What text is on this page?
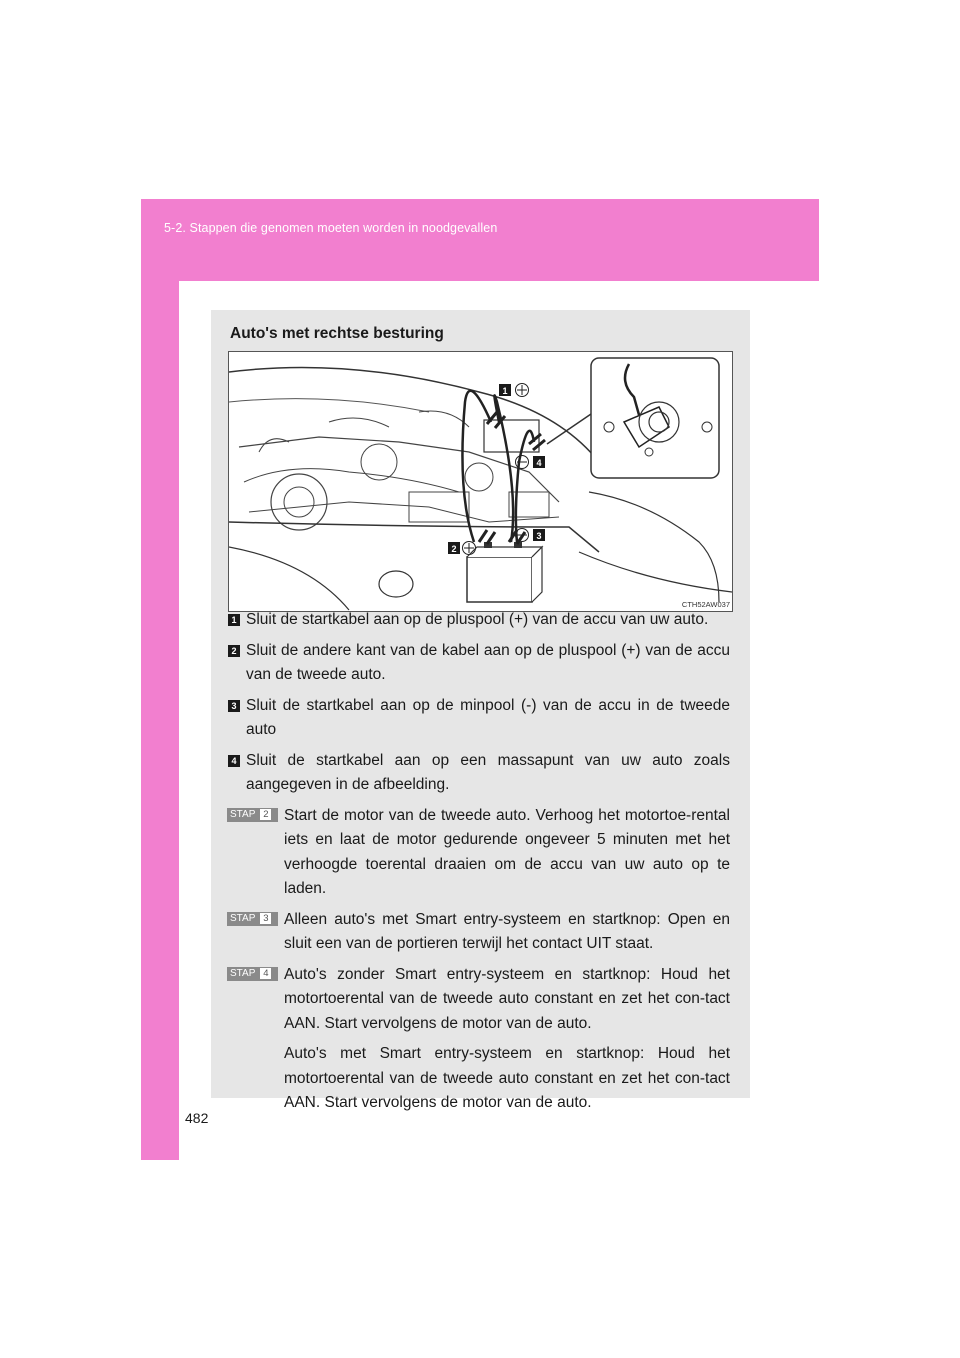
5-2. Stappen die genomen moeten worden in noodgevallen
482
Auto's met rechtse besturing
1
4
3
2
CTH52AW037
1 Sluit de startkabel aan op de pluspool (+) van de accu van uw auto.
2 Sluit de andere kant van de kabel aan op de pluspool (+) van de accu van de tweede auto.
3 Sluit de startkabel aan op de minpool (-) van de accu in de tweede auto
4 Sluit de startkabel aan op een massapunt van uw auto zoals aangegeven in de afbeelding.
STAP 2 Start de motor van de tweede auto. Verhoog het motortoe-rental iets en laat de motor gedurende ongeveer 5 minuten met het verhoogde toerental draaien om de accu van uw auto op te laden.
STAP 3 Alleen auto's met Smart entry-systeem en startknop: Open en sluit een van de portieren terwijl het contact UIT staat.
STAP 4 Auto's zonder Smart entry-systeem en startknop: Houd het motortoerental van de tweede auto constant en zet het con-tact AAN. Start vervolgens de motor van de auto.
Auto's met Smart entry-systeem en startknop: Houd het motortoerental van de tweede auto constant en zet het con-tact AAN. Start vervolgens de motor van de auto.
